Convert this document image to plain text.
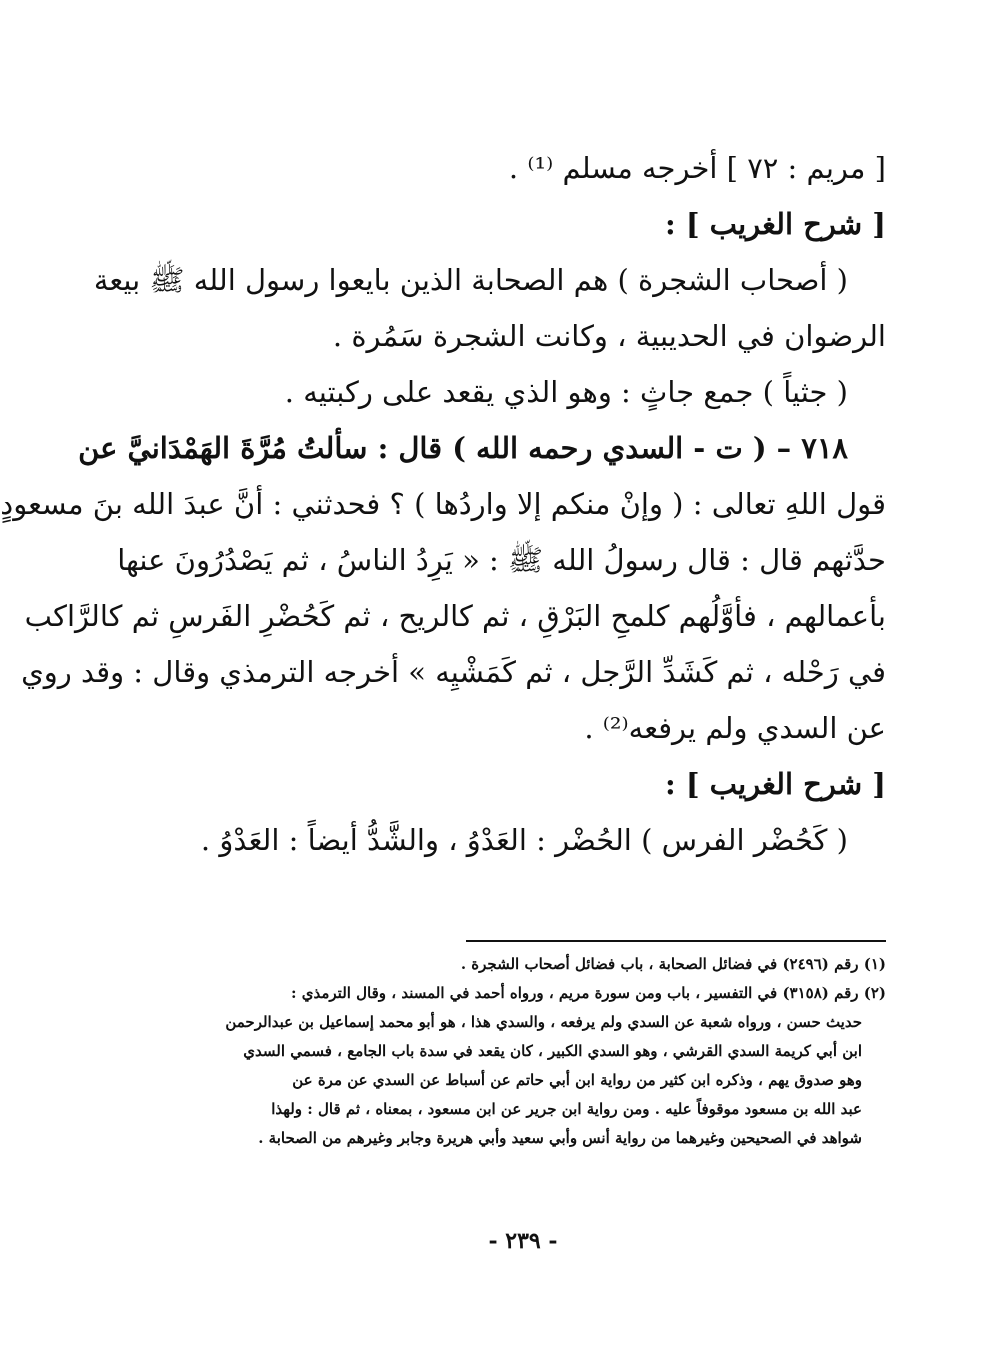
[ مريم : ٧٢ ] أخرجه مسلم ⁽¹⁾ .
[ شرح الغريب ] :
( أصحاب الشجرة ) هم الصحابة الذين بايعوا رسول الله ﷺ بيعة
الرضوان في الحديبية ، وكانت الشجرة سَمُرة .
( جثياً ) جمع جاثٍ : وهو الذي يقعد على ركبتيه .
٧١٨ – ( ت - السدي رحمه الله ) قال : سألتُ مُرَّةَ الهَمْدَانيَّ عن
قول اللهِ تعالى : ( وإنْ منكم إلا واردُها ) ؟ فحدثني : أنَّ عبدَ الله بنَ مسعودٍ
حدَّثهم قال : قال رسولُ الله ﷺ : « يَرِدُ الناسُ ، ثم يَصْدُرُونَ عنها
بأعمالهم ، فأوَّلُهم كلمحِ البَرْقِ ، ثم كالريح ، ثم كَحُضْرِ الفَرسِ ثم كالرَّاكب
في رَحْله ، ثم كَشَدِّ الرَّجل ، ثم كَمَشْيِه » أخرجه الترمذي وقال : وقد روي
عن السدي ولم يرفعه⁽²⁾ .
[ شرح الغريب ] :
( كَحُضْر الفرس ) الحُضْر : العَدْوُ ، والشَّدُّ أيضاً : العَدْوُ .
(١) رقم (٢٤٩٦) في فضائل الصحابة ، باب فضائل أصحاب الشجرة .
(٢) رقم (٣١٥٨) في التفسير ، باب ومن سورة مريم ، ورواه أحمد في المسند ، وقال الترمذي :
حديث حسن ، ورواه شعبة عن السدي ولم يرفعه ، والسدي هذا ، هو أبو محمد إسماعيل بن عبدالرحمن
ابن أبي كريمة السدي القرشي ، وهو السدي الكبير ، كان يقعد في سدة باب الجامع ، فسمي السدي
وهو صدوق يهم ، وذكره ابن كثير من رواية ابن أبي حاتم عن أسباط عن السدي عن مرة عن
عبد الله بن مسعود موقوفاً عليه . ومن رواية ابن جرير عن ابن مسعود ، بمعناه ، ثم قال : ولهذا
شواهد في الصحيحين وغيرهما من رواية أنس وأبي سعيد وأبي هريرة وجابر وغيرهم من الصحابة .
- ٢٣٩ -
